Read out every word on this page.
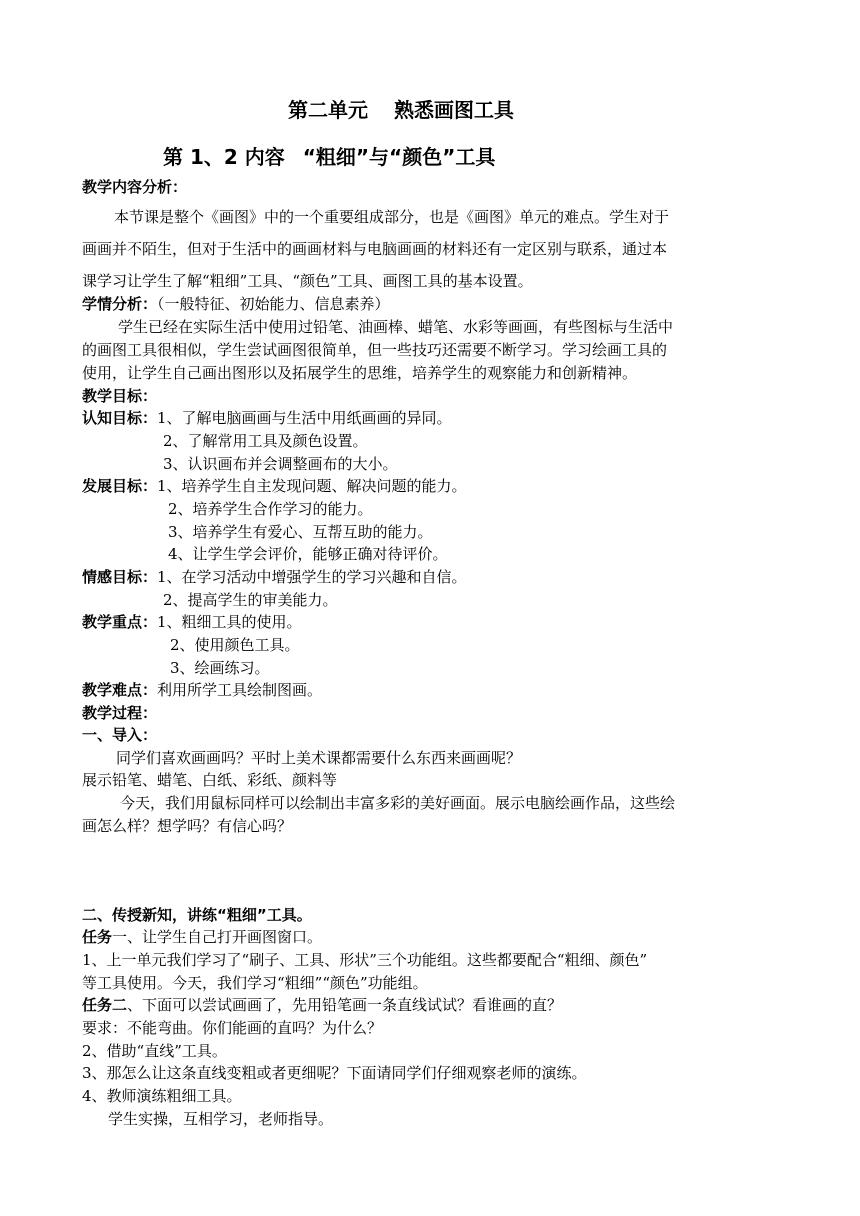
第二单元 熟悉画图工具
第 1、2 内容 “粗细”与“颜色”工具
教学内容分析：
本节课是整个《画图》中的一个重要组成部分，也是《画图》单元的难点。学生对于
画画并不陌生，但对于生活中的画画材料与电脑画画的材料还有一定区别与联系，通过本
课学习让学生了解“粗细”工具、“颜色”工具、画图工具的基本设置。
学情分析：（一般特征、初始能力、信息素养）
学生已经在实际生活中使用过铅笔、油画棒、蜡笔、水彩等画画，有些图标与生活中
的画图工具很相似，学生尝试画图很简单，但一些技巧还需要不断学习。学习绘画工具的
使用，让学生自己画出图形以及拓展学生的思维，培养学生的观察能力和创新精神。
教学目标：
认知目标：1、了解电脑画画与生活中用纸画画的异同。
2、了解常用工具及颜色设置。
3、认识画布并会调整画布的大小。
发展目标：1、培养学生自主发现问题、解决问题的能力。
2、培养学生合作学习的能力。
3、培养学生有爱心、互帮互助的能力。
4、让学生学会评价，能够正确对待评价。
情感目标：1、在学习活动中增强学生的学习兴趣和自信。
2、提高学生的审美能力。
教学重点：1、粗细工具的使用。
2、使用颜色工具。
3、绘画练习。
教学难点：利用所学工具绘制图画。
教学过程：
一、导入：
同学们喜欢画画吗？平时上美术课都需要什么东西来画画呢？
展示铅笔、蜡笔、白纸、彩纸、颜料等
今天，我们用鼠标同样可以绘制出丰富多彩的美好画面。展示电脑绘画作品，这些绘
画怎么样？想学吗？有信心吗？
二、传授新知，讲练“粗细”工具。
任务一、让学生自己打开画图窗口。
1、上一单元我们学习了“刷子、工具、形状”三个功能组。这些都要配合“粗细、颜色”
等工具使用。今天，我们学习“粗细”“颜色”功能组。
任务二、下面可以尝试画画了，先用铅笔画一条直线试试？看谁画的直？
要求：不能弯曲。你们能画的直吗？为什么？
2、借助“直线”工具。
3、那怎么让这条直线变粗或者更细呢？下面请同学们仔细观察老师的演练。
4、教师演练粗细工具。
学生实操，互相学习，老师指导。
